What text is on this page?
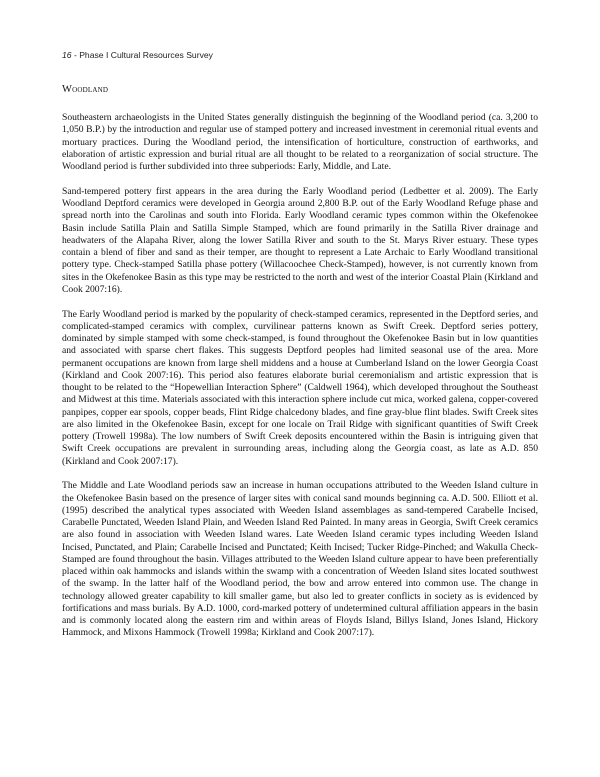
16 - Phase I Cultural Resources Survey
Woodland

Southeastern archaeologists in the United States generally distinguish the beginning of the Woodland period (ca. 3,200 to 1,050 B.P.) by the introduction and regular use of stamped pottery and increased investment in ceremonial ritual events and mortuary practices. During the Woodland period, the intensification of horticulture, construction of earthworks, and elaboration of artistic expression and burial ritual are all thought to be related to a reorganization of social structure. The Woodland period is further subdivided into three subperiods: Early, Middle, and Late.

Sand-tempered pottery first appears in the area during the Early Woodland period (Ledbetter et al. 2009). The Early Woodland Deptford ceramics were developed in Georgia around 2,800 B.P. out of the Early Woodland Refuge phase and spread north into the Carolinas and south into Florida. Early Woodland ceramic types common within the Okefenokee Basin include Satilla Plain and Satilla Simple Stamped, which are found primarily in the Satilla River drainage and headwaters of the Alapaha River, along the lower Satilla River and south to the St. Marys River estuary. These types contain a blend of fiber and sand as their temper, are thought to represent a Late Archaic to Early Woodland transitional pottery type. Check-stamped Satilla phase pottery (Willacoochee Check-Stamped), however, is not currently known from sites in the Okefenokee Basin as this type may be restricted to the north and west of the interior Coastal Plain (Kirkland and Cook 2007:16).

The Early Woodland period is marked by the popularity of check-stamped ceramics, represented in the Deptford series, and complicated-stamped ceramics with complex, curvilinear patterns known as Swift Creek. Deptford series pottery, dominated by simple stamped with some check-stamped, is found throughout the Okefenokee Basin but in low quantities and associated with sparse chert flakes. This suggests Deptford peoples had limited seasonal use of the area. More permanent occupations are known from large shell middens and a house at Cumberland Island on the lower Georgia Coast (Kirkland and Cook 2007:16). This period also features elaborate burial ceremonialism and artistic expression that is thought to be related to the “Hopewellian Interaction Sphere” (Caldwell 1964), which developed throughout the Southeast and Midwest at this time. Materials associated with this interaction sphere include cut mica, worked galena, copper-covered panpipes, copper ear spools, copper beads, Flint Ridge chalcedony blades, and fine gray-blue flint blades. Swift Creek sites are also limited in the Okefenokee Basin, except for one locale on Trail Ridge with significant quantities of Swift Creek pottery (Trowell 1998a). The low numbers of Swift Creek deposits encountered within the Basin is intriguing given that Swift Creek occupations are prevalent in surrounding areas, including along the Georgia coast, as late as A.D. 850 (Kirkland and Cook 2007:17).

The Middle and Late Woodland periods saw an increase in human occupations attributed to the Weeden Island culture in the Okefenokee Basin based on the presence of larger sites with conical sand mounds beginning ca. A.D. 500. Elliott et al. (1995) described the analytical types associated with Weeden Island assemblages as sand-tempered Carabelle Incised, Carabelle Punctated, Weeden Island Plain, and Weeden Island Red Painted. In many areas in Georgia, Swift Creek ceramics are also found in association with Weeden Island wares. Late Weeden Island ceramic types including Weeden Island Incised, Punctated, and Plain; Carabelle Incised and Punctated; Keith Incised; Tucker Ridge-Pinched; and Wakulla Check-Stamped are found throughout the basin. Villages attributed to the Weeden Island culture appear to have been preferentially placed within oak hammocks and islands within the swamp with a concentration of Weeden Island sites located southwest of the swamp. In the latter half of the Woodland period, the bow and arrow entered into common use. The change in technology allowed greater capability to kill smaller game, but also led to greater conflicts in society as is evidenced by fortifications and mass burials. By A.D. 1000, cord-marked pottery of undetermined cultural affiliation appears in the basin and is commonly located along the eastern rim and within areas of Floyds Island, Billys Island, Jones Island, Hickory Hammock, and Mixons Hammock (Trowell 1998a; Kirkland and Cook 2007:17).
